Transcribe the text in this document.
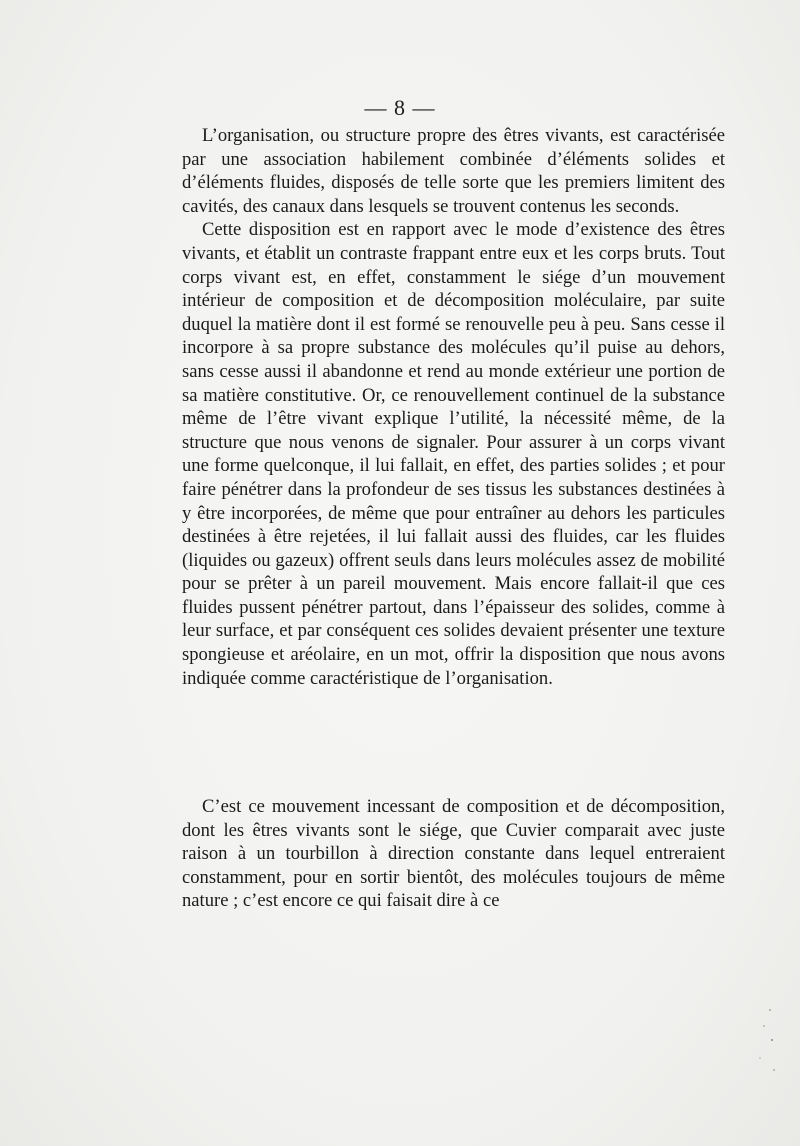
— 8 —

L’organisation, ou structure propre des êtres vivants, est caractérisée par une association habilement combinée d’éléments solides et d’éléments fluides, disposés de telle sorte que les premiers limitent des cavités, des canaux dans lesquels se trouvent contenus les seconds.

Cette disposition est en rapport avec le mode d’existence des êtres vivants, et établit un contraste frappant entre eux et les corps bruts. Tout corps vivant est, en effet, constamment le siége d’un mouvement intérieur de composition et de décomposition moléculaire, par suite duquel la matière dont il est formé se renouvelle peu à peu. Sans cesse il incorpore à sa propre substance des molécules qu’il puise au dehors, sans cesse aussi il abandonne et rend au monde extérieur une portion de sa matière constitutive. Or, ce renouvellement continuel de la substance même de l’être vivant explique l’utilité, la nécessité même, de la structure que nous venons de signaler. Pour assurer à un corps vivant une forme quelconque, il lui fallait, en effet, des parties solides ; et pour faire pénétrer dans la profondeur de ses tissus les substances destinées à y être incorporées, de même que pour entraîner au dehors les particules destinées à être rejetées, il lui fallait aussi des fluides, car les fluides (liquides ou gazeux) offrent seuls dans leurs molécules assez de mobilité pour se prêter à un pareil mouvement. Mais encore fallait-il que ces fluides pussent pénétrer partout, dans l’épaisseur des solides, comme à leur surface, et par conséquent ces solides devaient présenter une texture spongieuse et aréolaire, en un mot, offrir la disposition que nous avons indiquée comme caractéristique de l’organisation.

C’est ce mouvement incessant de composition et de décomposition, dont les êtres vivants sont le siége, que Cuvier comparait avec juste raison à un tourbillon à direction constante dans lequel entreraient constamment, pour en sortir bientôt, des molécules toujours de même nature ; c’est encore ce qui faisait dire à ce
